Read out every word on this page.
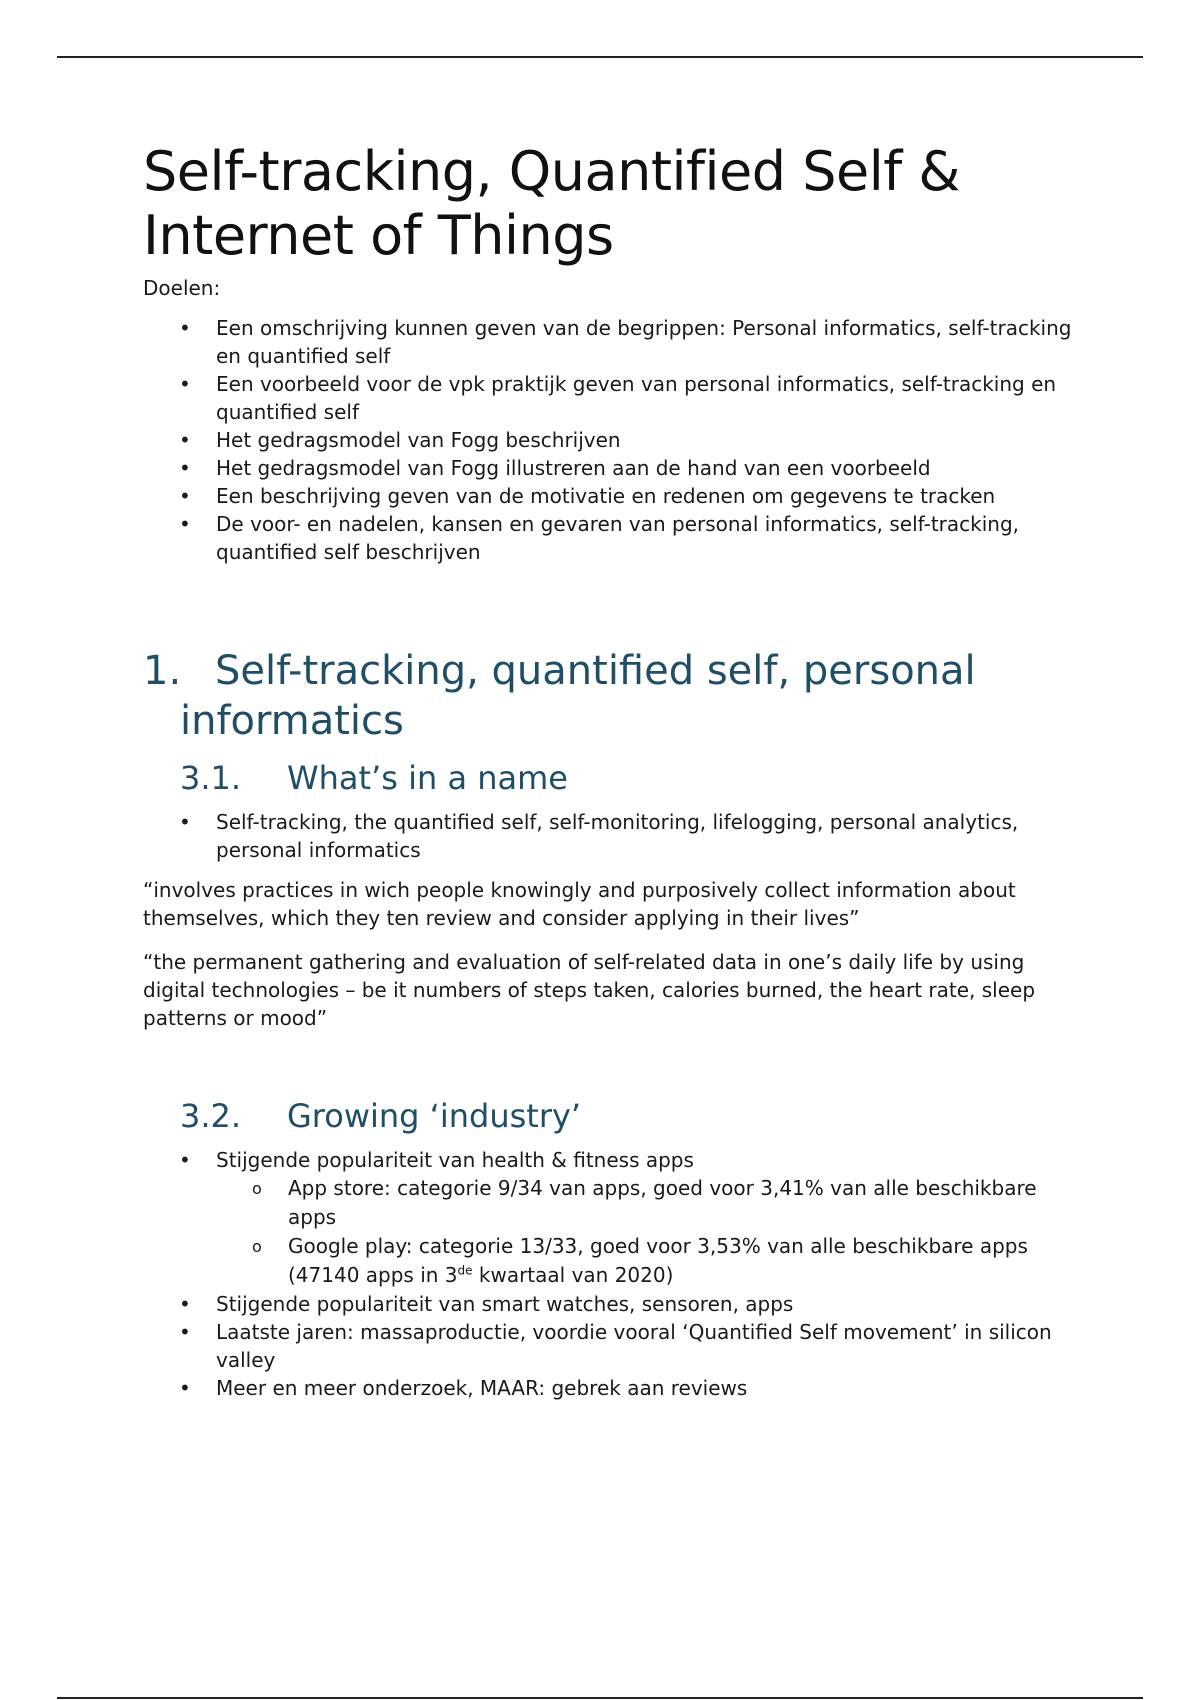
Self-tracking, Quantified Self &
Internet of Things
Doelen:
• Een omschrijving kunnen geven van de begrippen: Personal informatics, self-tracking en quantified self
• Een voorbeeld voor de vpk praktijk geven van personal informatics, self-tracking en quantified self
• Het gedragsmodel van Fogg beschrijven
• Het gedragsmodel van Fogg illustreren aan de hand van een voorbeeld
• Een beschrijving geven van de motivatie en redenen om gegevens te tracken
• De voor- en nadelen, kansen en gevaren van personal informatics, self-tracking, quantified self beschrijven
1. Self-tracking, quantified self, personal
informatics
3.1. What’s in a name
• Self-tracking, the quantified self, self-monitoring, lifelogging, personal analytics, personal informatics

“involves practices in wich people knowingly and purposively collect information about themselves, which they ten review and consider applying in their lives”

“the permanent gathering and evaluation of self-related data in one’s daily life by using digital technologies – be it numbers of steps taken, calories burned, the heart rate, sleep patterns or mood”

3.2. Growing ‘industry’
• Stijgende populariteit van health & fitness apps
o App store: categorie 9/34 van apps, goed voor 3,41% van alle beschikbare apps
o Google play: categorie 13/33, goed voor 3,53% van alle beschikbare apps (47140 apps in 3de kwartaal van 2020)
• Stijgende populariteit van smart watches, sensoren, apps
• Laatste jaren: massaproductie, voordie vooral ‘Quantified Self movement’ in silicon valley
• Meer en meer onderzoek, MAAR: gebrek aan reviews
